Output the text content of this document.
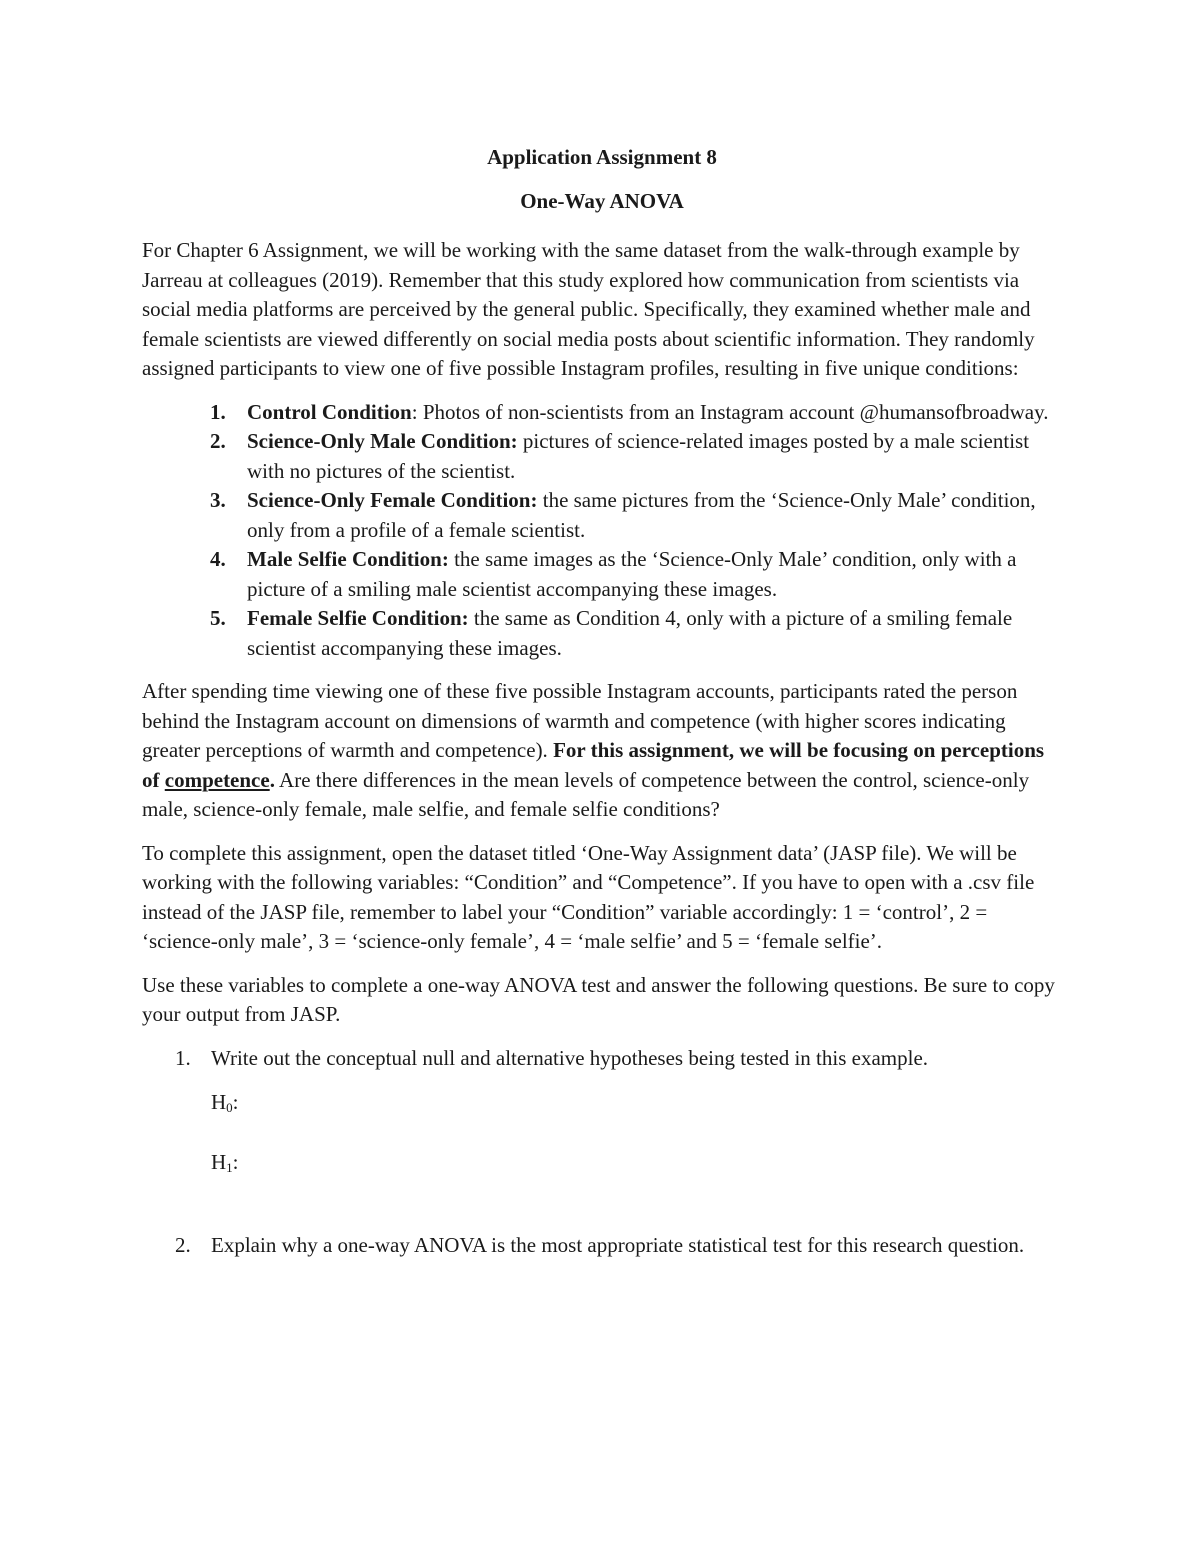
Application Assignment 8
One-Way ANOVA

For Chapter 6 Assignment, we will be working with the same dataset from the walk-through example by Jarreau at colleagues (2019). Remember that this study explored how communication from scientists via social media platforms are perceived by the general public. Specifically, they examined whether male and female scientists are viewed differently on social media posts about scientific information. They randomly assigned participants to view one of five possible Instagram profiles, resulting in five unique conditions:

1. Control Condition: Photos of non-scientists from an Instagram account @humansofbroadway.
2. Science-Only Male Condition: pictures of science-related images posted by a male scientist with no pictures of the scientist.
3. Science-Only Female Condition: the same pictures from the ‘Science-Only Male’ condition, only from a profile of a female scientist.
4. Male Selfie Condition: the same images as the ‘Science-Only Male’ condition, only with a picture of a smiling male scientist accompanying these images.
5. Female Selfie Condition: the same as Condition 4, only with a picture of a smiling female scientist accompanying these images.

After spending time viewing one of these five possible Instagram accounts, participants rated the person behind the Instagram account on dimensions of warmth and competence (with higher scores indicating greater perceptions of warmth and competence). For this assignment, we will be focusing on perceptions of competence. Are there differences in the mean levels of competence between the control, science-only male, science-only female, male selfie, and female selfie conditions?

To complete this assignment, open the dataset titled ‘One-Way Assignment data’ (JASP file). We will be working with the following variables: “Condition” and “Competence”. If you have to open with a .csv file instead of the JASP file, remember to label your “Condition” variable accordingly: 1 = ‘control’, 2 = ‘science-only male’, 3 = ‘science-only female’, 4 = ‘male selfie’ and 5 = ‘female selfie’.

Use these variables to complete a one-way ANOVA test and answer the following questions. Be sure to copy your output from JASP.

1. Write out the conceptual null and alternative hypotheses being tested in this example.
$H_0$:
$H_1$:
2. Explain why a one-way ANOVA is the most appropriate statistical test for this research question.
